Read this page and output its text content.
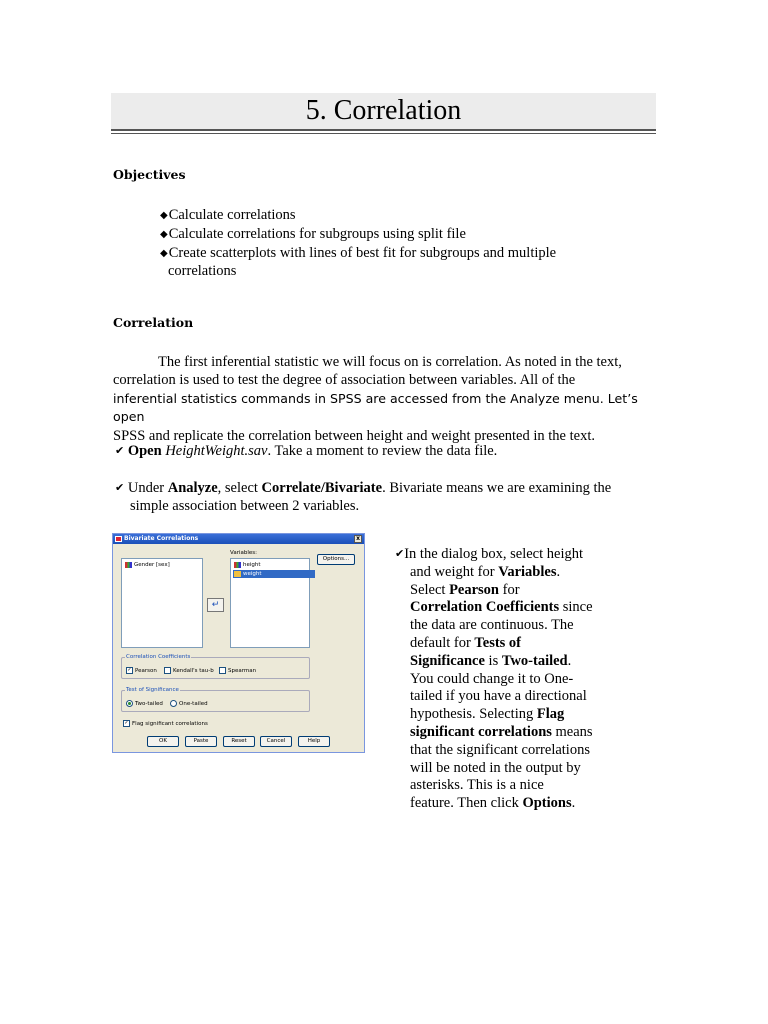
5. Correlation
Objectives
◆Calculate correlations
◆Calculate correlations for subgroups using split file
◆Create scatterplots with lines of best fit for subgroups and multiple
correlations
Correlation
The first inferential statistic we will focus on is correlation. As noted in the text,
correlation is used to test the degree of association between variables. All of the
inferential statistics commands in SPSS are accessed from the Analyze menu. Let’s open
SPSS and replicate the correlation between height and weight presented in the text.
✔ Open HeightWeight.sav. Take a moment to review the data file.
✔ Under Analyze, select Correlate/Bivariate. Bivariate means we are examining the
simple association between 2 variables.
Bivariate Correlations	x
Gender [sex]
↵
Variables:
height
weight
Options...
Correlation Coefficients
✓ Pearson	Kendall's tau-b	Spearman
Test of Significance
Two-tailed	One-tailed
✓ Flag significant correlations
OK	Paste	Reset	Cancel	Help
✔In the dialog box, select height
and weight for Variables.
Select Pearson for
Correlation Coefficients since
the data are continuous. The
default for Tests of
Significance is Two-tailed.
You could change it to One-
tailed if you have a directional
hypothesis. Selecting Flag
significant correlations means
that the significant correlations
will be noted in the output by
asterisks. This is a nice
feature. Then click Options.
